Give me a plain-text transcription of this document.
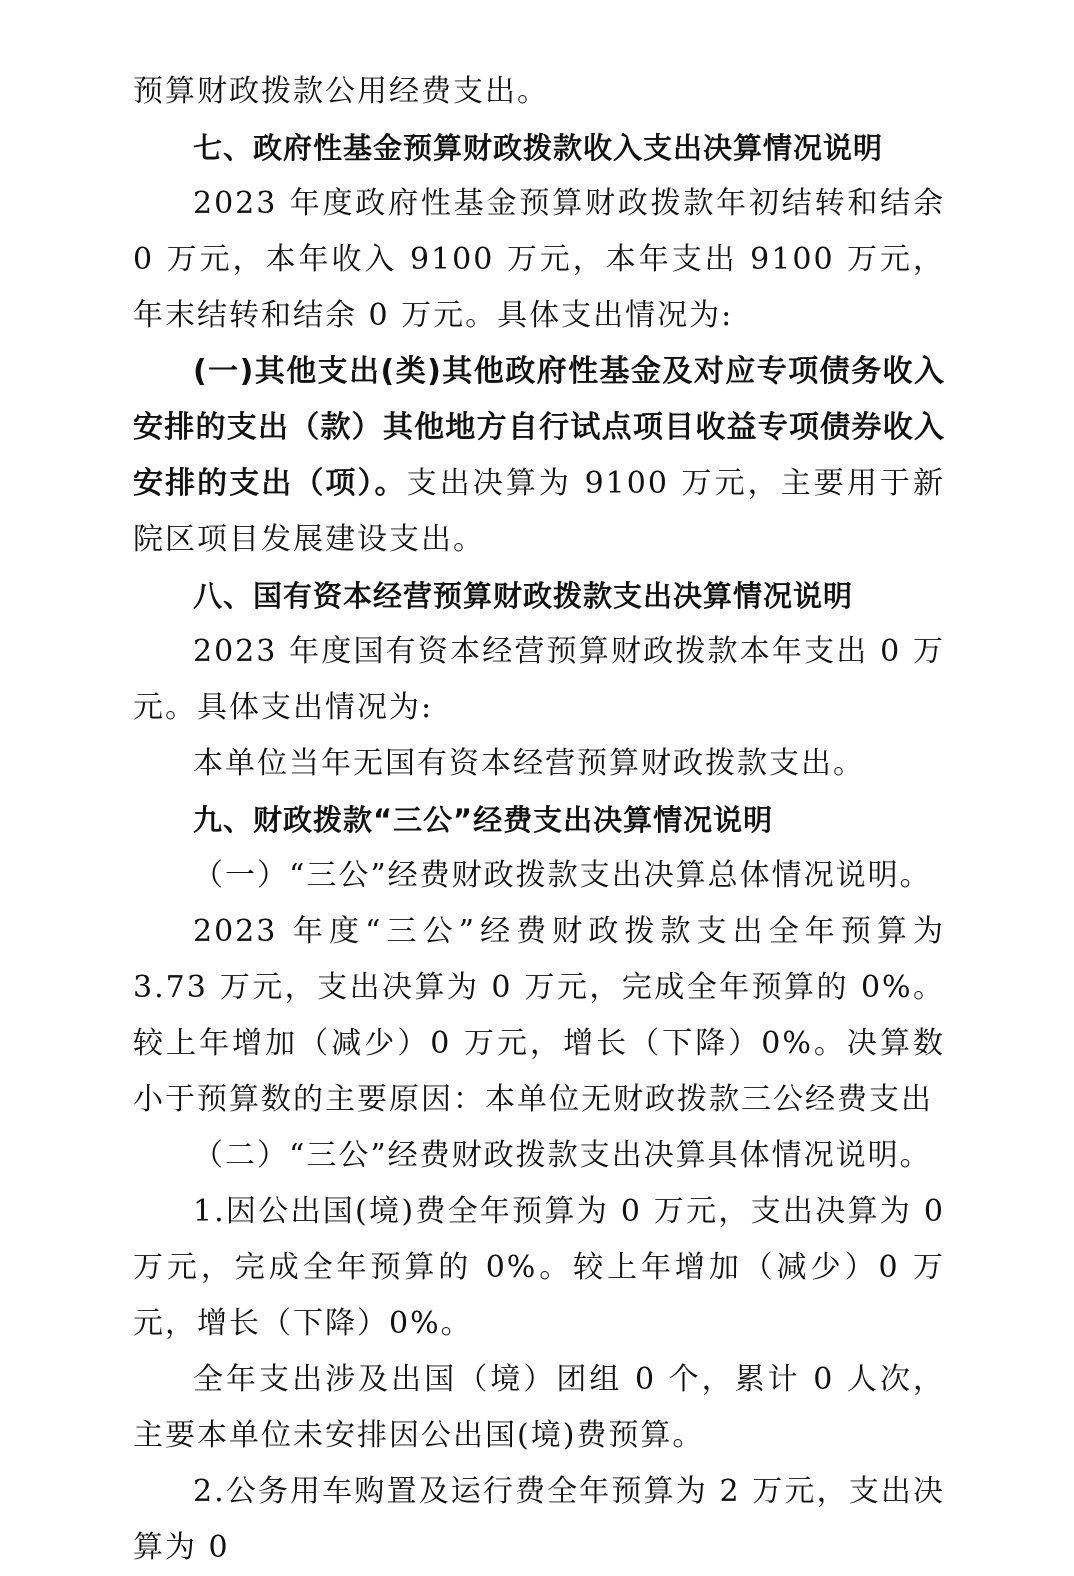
预算财政拨款公用经费支出。

七、政府性基金预算财政拨款收入支出决算情况说明

2023 年度政府性基金预算财政拨款年初结转和结余 0 万元，本年收入 9100 万元，本年支出 9100 万元，年末结转和结余 0 万元。具体支出情况为:

(一)其他支出(类)其他政府性基金及对应专项债务收入安排的支出（款）其他地方自行试点项目收益专项债券收入安排的支出（项）。支出决算为 9100 万元，主要用于新院区项目发展建设支出。

八、国有资本经营预算财政拨款支出决算情况说明

2023 年度国有资本经营预算财政拨款本年支出 0 万元。具体支出情况为:

本单位当年无国有资本经营预算财政拨款支出。

九、财政拨款“三公”经费支出决算情况说明

（一）“三公”经费财政拨款支出决算总体情况说明。

2023 年度“三公”经费财政拨款支出全年预算为 3.73 万元，支出决算为 0 万元，完成全年预算的 0%。较上年增加（减少）0 万元，增长（下降）0%。决算数小于预算数的主要原因：本单位无财政拨款三公经费支出

（二）“三公”经费财政拨款支出决算具体情况说明。

1.因公出国(境)费全年预算为 0 万元，支出决算为 0 万元，完成全年预算的 0%。较上年增加（减少）0 万元，增长（下降）0%。

全年支出涉及出国（境）团组 0 个，累计 0 人次，主要本单位未安排因公出国(境)费预算。

2.公务用车购置及运行费全年预算为 2 万元，支出决算为 0
